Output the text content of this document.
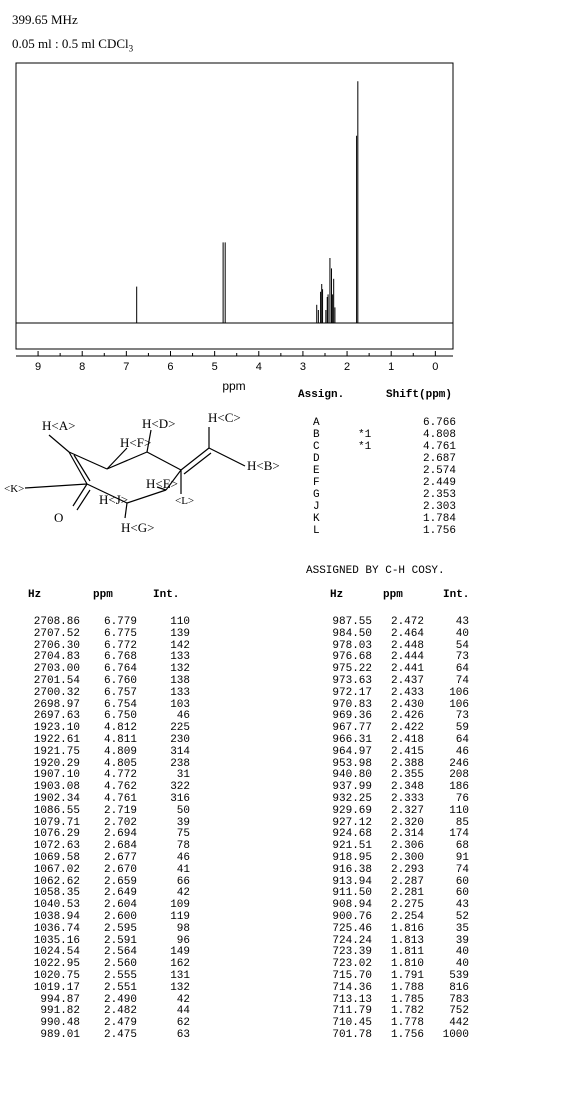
399.65 MHz
0.05 ml : 0.5 ml CDCl$_3$
9	8	7	6	5	4	3	2	1	0
ppm
Assign.	Shift(ppm)
A	6.766
B	*1	4.808
C	*1	4.761
D	2.687
E	2.574
F	2.449
G	2.353
J	2.303
K	1.784
L	1.756
ASSIGNED BY C-H COSY.
H<A>	H<D>	H<C>
H<F>
H<B>
H<E>
<K>
<L>
H<J>
O
H<G>
Hz	ppm	Int.	Hz	ppm	Int.
2708.86	6.779	110
2707.52	6.775	139
2706.30	6.772	142
2704.83	6.768	133
2703.00	6.764	132
2701.54	6.760	138
2700.32	6.757	133
2698.97	6.754	103
2697.63	6.750	46
1923.10	4.812	225
1922.61	4.811	230
1921.75	4.809	314
1920.29	4.805	238
1907.10	4.772	31
1903.08	4.762	322
1902.34	4.761	316
1086.55	2.719	50
1079.71	2.702	39
1076.29	2.694	75
1072.63	2.684	78
1069.58	2.677	46
1067.02	2.670	41
1062.62	2.659	66
1058.35	2.649	42
1040.53	2.604	109
1038.94	2.600	119
1036.74	2.595	98
1035.16	2.591	96
1024.54	2.564	149
1022.95	2.560	162
1020.75	2.555	131
1019.17	2.551	132
994.87	2.490	42
991.82	2.482	44
990.48	2.479	62
989.01	2.475	63
987.55	2.472	43
984.50	2.464	40
978.03	2.448	54
976.68	2.444	73
975.22	2.441	64
973.63	2.437	74
972.17	2.433	106
970.83	2.430	106
969.36	2.426	73
967.77	2.422	59
966.31	2.418	64
964.97	2.415	46
953.98	2.388	246
940.80	2.355	208
937.99	2.348	186
932.25	2.333	76
929.69	2.327	110
927.12	2.320	85
924.68	2.314	174
921.51	2.306	68
918.95	2.300	91
916.38	2.293	74
913.94	2.287	60
911.50	2.281	60
908.94	2.275	43
900.76	2.254	52
725.46	1.816	35
724.24	1.813	39
723.39	1.811	40
723.02	1.810	40
715.70	1.791	539
714.36	1.788	816
713.13	1.785	783
711.79	1.782	752
710.45	1.778	442
701.78	1.756	1000
